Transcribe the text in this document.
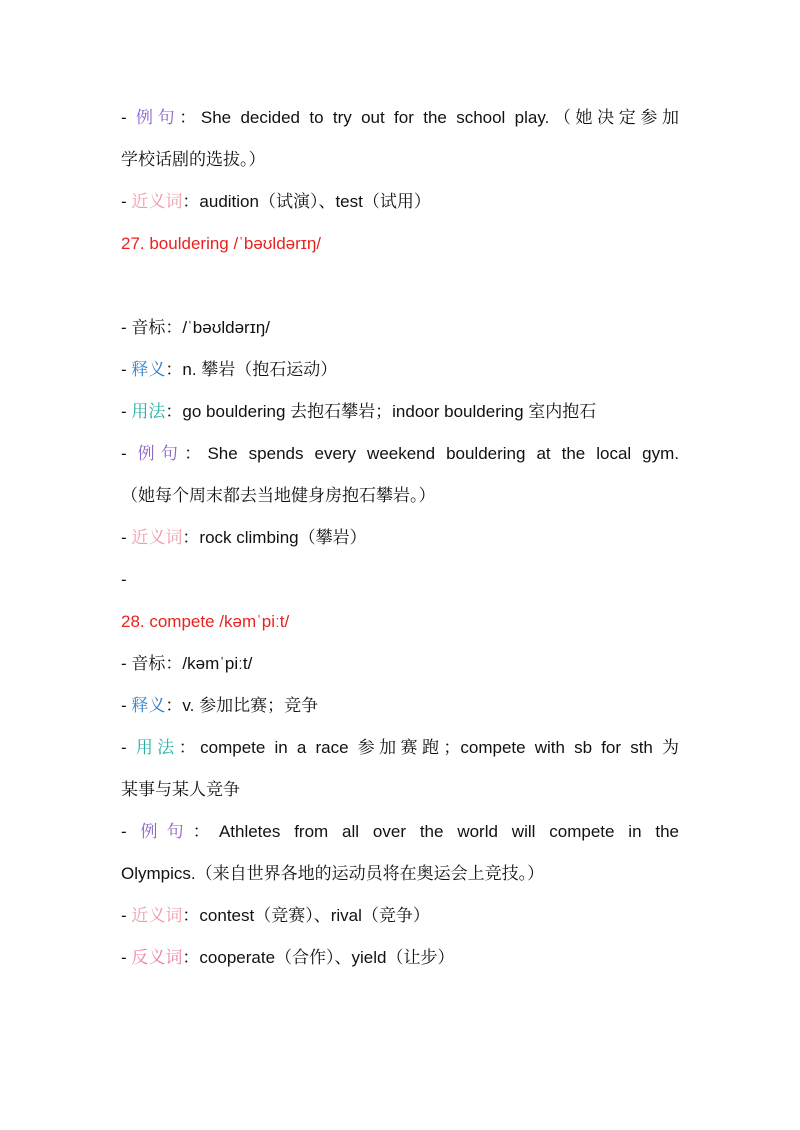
- 例句：She decided to try out for the school play.（她决定参加
学校话剧的选拔。）
- 近义词：audition（试演）、test（试用）
27. bouldering /ˈbəʊldərɪŋ/
- 音标：/ˈbəʊldərɪŋ/
- 释义：n. 攀岩（抱石运动）
- 用法：go bouldering 去抱石攀岩；indoor bouldering 室内抱石
- 例句：She spends every weekend bouldering at the local gym.
（她每个周末都去当地健身房抱石攀岩。）
- 近义词：rock climbing（攀岩）
-
28. compete /kəmˈpiːt/
- 音标：/kəmˈpiːt/
- 释义：v. 参加比赛；竞争
- 用法：compete in a race 参加赛跑；compete with sb for sth 为
某事与某人竞争
- 例句：Athletes from all over the world will compete in the
Olympics.（来自世界各地的运动员将在奥运会上竞技。）
- 近义词：contest（竞赛）、rival（竞争）
- 反义词：cooperate（合作）、yield（让步）
